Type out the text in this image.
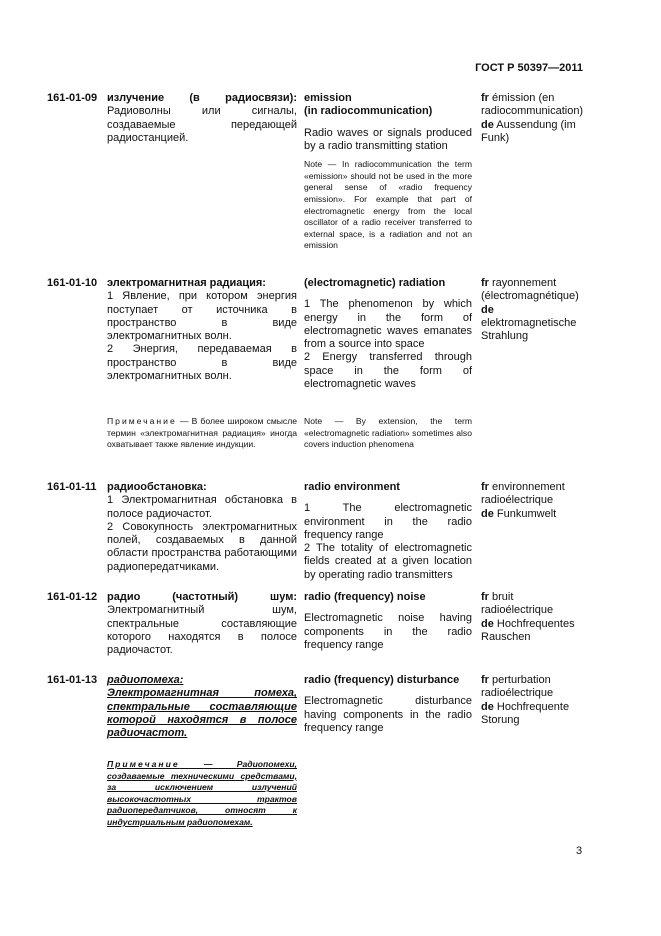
ГОСТ Р 50397—2011
161-01-09 излучение (в радиосвязи): Радиоволны или сигналы, создаваемые передающей радиостанцией.
emission
(in radiocommunication)
Radio waves or signals produced by a radio transmitting station
Note — In radiocommunication the term «emission» should not be used in the more general sense of «radio frequency emission». For example that part of electromagnetic energy from the local oscillator of a radio receiver transferred to external space, is a radiation and not an emission
fr émission (en radiocommunication)
de Aussendung (im Funk)
161-01-10 электромагнитная радиация:
1 Явление, при котором энергия поступает от источника в пространство в виде электромагнитных волн.
2 Энергия, передаваемая в пространство в виде электромагнитных волн.
(electromagnetic) radiation
1 The phenomenon by which energy in the form of electromagnetic waves emanates from a source into space
2 Energy transferred through space in the form of electromagnetic waves
fr rayonnement (électromagnétique)
de elektromagnetische Strahlung
Примечание — В более широком смысле термин «электромагнитная радиация» иногда охватывает также явление индукции.
Note — By extension, the term «electromagnetic radiation» sometimes also covers induction phenomena
161-01-11 радиообстановка:
1 Электромагнитная обстановка в полосе радиочастот.
2 Совокупность электромагнитных полей, создаваемых в данной области пространства работающими радиопередатчиками.
radio environment
1 The electromagnetic environment in the radio frequency range
2 The totality of electromagnetic fields created at a given location by operating radio transmitters
fr environnement radioélectrique
de Funkumwelt
161-01-12 радио (частотный) шум: Электромагнитный шум, спектральные составляющие которого находятся в полосе радиочастот.
radio (frequency) noise
Electromagnetic noise having components in the radio frequency range
fr bruit radioélectrique
de Hochfrequentes Rauschen
161-01-13 радиопомеха: Электромагнитная помеха, спектральные составляющие которой находятся в полосе радиочастот.
radio (frequency) disturbance
Electromagnetic disturbance having components in the radio frequency range
fr perturbation radioélectrique
de Hochfrequente Storung
Примечание	— Радиопомехи, создаваемые техническими средствами, за исключением излучений высокочастотных трактов радиопередатчиков, относят к индустриальным радиопомехам.
3
